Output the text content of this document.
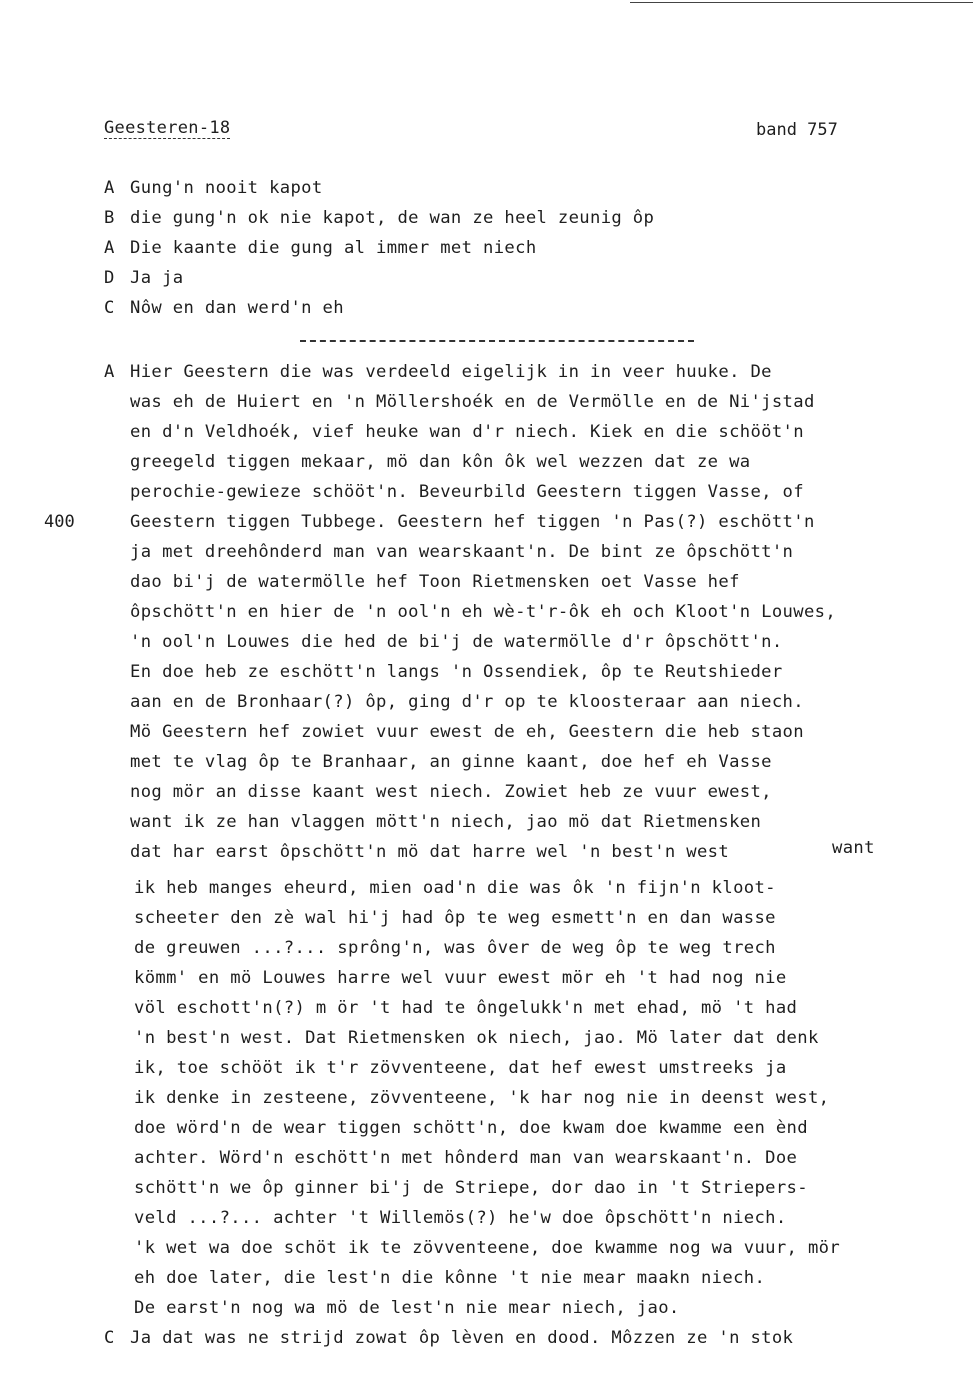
Geesteren-18	band 757
A Gung'n nooit kapot
B die gung'n ok nie kapot, de wan ze heel zeunig ôp
A Die kaante die gung al immer met niech
D Ja ja
C Nôw en dan werd'n eh
A
400
Hier Geestern die was verdeeld eigelijk in in veer huuke. De
was eh de Huiert en 'n Möllershoék en de Vermölle en de Ni'jstad
en d'n Veldhoék, vief heuke wan d'r niech. Kiek en die schööt'n
greegeld tiggen mekaar, mö dan kôn ôk wel wezzen dat ze wa
perochie-gewieze schööt'n. Beveurbild Geestern tiggen Vasse, of
Geestern tiggen Tubbege. Geestern hef tiggen 'n Pas(?) eschött'n
ja met dreehônderd man van wearskaant'n. De bint ze ôpschött'n
dao bi'j de watermölle hef Toon Rietmensken oet Vasse hef
ôpschött'n en hier de 'n ool'n eh wè-t'r-ôk eh och Kloot'n Louwes,
'n ool'n Louwes die hed de bi'j de watermölle d'r ôpschött'n.
En doe heb ze eschött'n langs 'n Ossendiek, ôp te Reutshieder
aan en de Bronhaar(?) ôp, ging d'r op te kloosteraar aan niech.
Mö Geestern hef zowiet vuur ewest de eh, Geestern die heb staon
met te vlag ôp te Branhaar, an ginne kaant, doe hef eh Vasse
nog mör an disse kaant west niech. Zowiet heb ze vuur ewest,
want ik ze han vlaggen mött'n niech, jao mö dat Rietmensken
dat har earst ôpschött'n mö dat harre wel 'n best'n west	want
ik heb manges eheurd, mien oad'n die was ôk 'n fijn'n kloot-
scheeter den zè wal hi'j had ôp te weg esmett'n en dan wasse
de greuwen ...?... sprông'n, was ôver de weg ôp te weg trech
kömm' en mö Louwes harre wel vuur ewest mör eh 't had nog nie
völ eschott'n(?) m ör 't had te ôngelukk'n met ehad, mö 't had
'n best'n west. Dat Rietmensken ok niech, jao. Mö later dat denk
ik, toe schööt ik t'r zövventeene, dat hef ewest umstreeks ja
ik denke in zesteene, zövventeene, 'k har nog nie in deenst west,
doe wörd'n de wear tiggen schött'n, doe kwam doe kwamme een ènd
achter. Wörd'n eschött'n met hônderd man van wearskaant'n. Doe
schött'n we ôp ginner bi'j de Striepe, dor dao in 't Striepers-
veld ...?... achter 't Willemös(?) he'w doe ôpschött'n niech.
'k wet wa doe schöt ik te zövventeene, doe kwamme nog wa vuur, mör
eh doe later, die lest'n die kônne 't nie mear maakn niech.
De earst'n nog wa mö de lest'n nie mear niech, jao.
C Ja dat was ne strijd zowat ôp lèven en dood. Môzzen ze 'n stok
